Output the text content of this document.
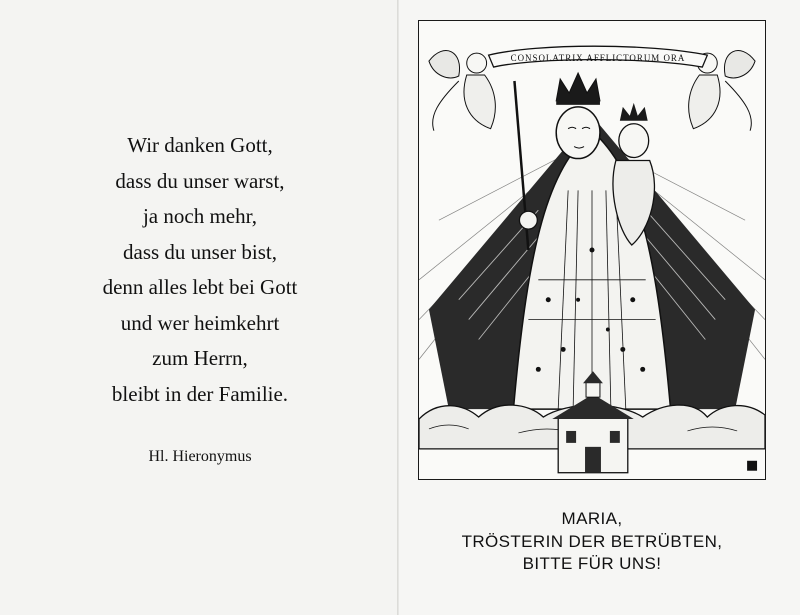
Wir danken Gott,
dass du unser warst,
ja noch mehr,
dass du unser bist,
denn alles lebt bei Gott
und wer heimkehrt
zum Herrn,
bleibt in der Familie.
Hl. Hieronymus
CONSOLATRIX AFFLICTORUM ORA
MARIA,
TRÖSTERIN DER BETRÜBTEN,
BITTE FÜR UNS!
